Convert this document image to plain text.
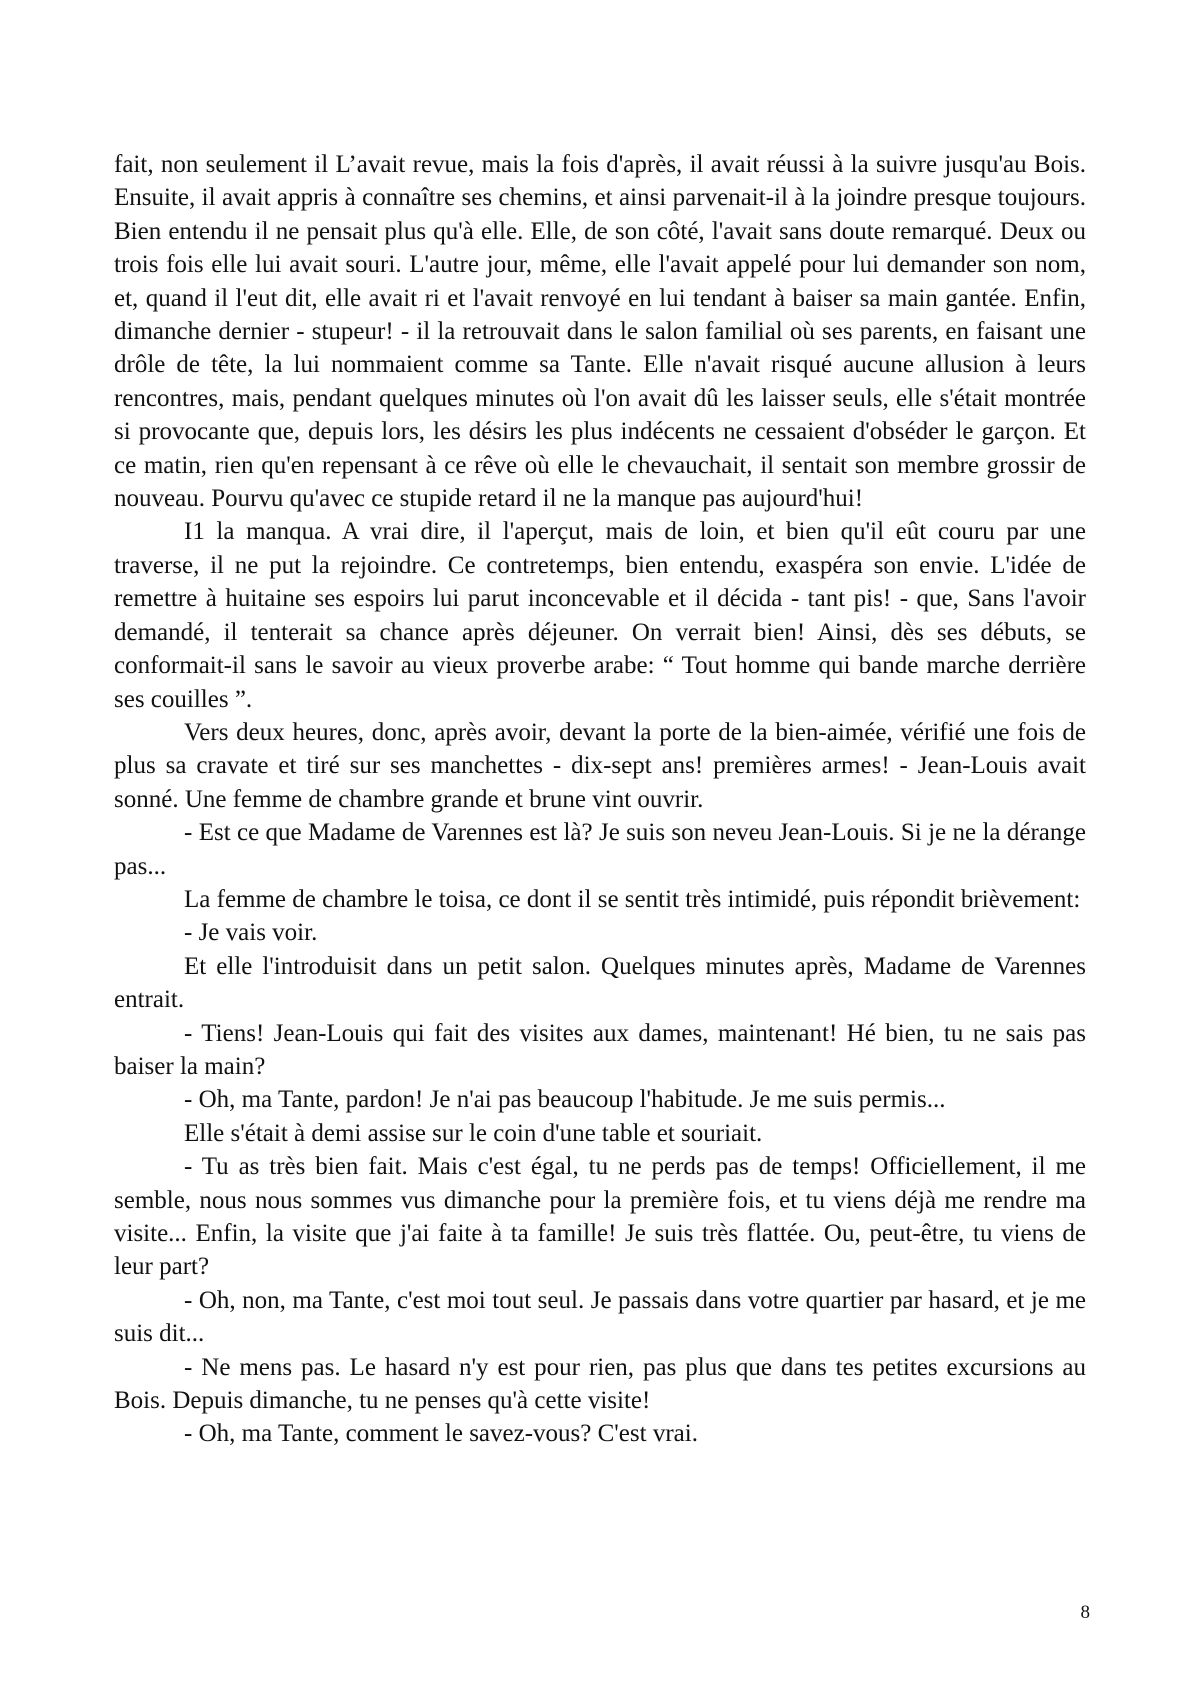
fait, non seulement il L’avait revue, mais la fois d'après, il avait réussi à la suivre jusqu'au Bois. Ensuite, il avait appris à connaître ses chemins, et ainsi parvenait-il à la joindre presque toujours. Bien entendu il ne pensait plus qu'à elle. Elle, de son côté, l'avait sans doute remarqué. Deux ou trois fois elle lui avait souri. L'autre jour, même, elle l'avait appelé pour lui demander son nom, et, quand il l'eut dit, elle avait ri et l'avait renvoyé en lui tendant à baiser sa main gantée. Enfin, dimanche dernier - stupeur! - il la retrouvait dans le salon familial où ses parents, en faisant une drôle de tête, la lui nommaient comme sa Tante. Elle n'avait risqué aucune allusion à leurs rencontres, mais, pendant quelques minutes où l'on avait dû les laisser seuls, elle s'était montrée si provocante que, depuis lors, les désirs les plus indécents ne cessaient d'obséder le garçon. Et ce matin, rien qu'en repensant à ce rêve où elle le chevauchait, il sentait son membre grossir de nouveau. Pourvu qu'avec ce stupide retard il ne la manque pas aujourd'hui!

I1 la manqua. A vrai dire, il l'aperçut, mais de loin, et bien qu'il eût couru par une traverse, il ne put la rejoindre. Ce contretemps, bien entendu, exaspéra son envie. L'idée de remettre à huitaine ses espoirs lui parut inconcevable et il décida - tant pis! - que, Sans l'avoir demandé, il tenterait sa chance après déjeuner. On verrait bien! Ainsi, dès ses débuts, se conformait-il sans le savoir au vieux proverbe arabe: “ Tout homme qui bande marche derrière ses couilles ”.

Vers deux heures, donc, après avoir, devant la porte de la bien-aimée, vérifié une fois de plus sa cravate et tiré sur ses manchettes - dix-sept ans! premières armes! - Jean-Louis avait sonné. Une femme de chambre grande et brune vint ouvrir.

- Est ce que Madame de Varennes est là? Je suis son neveu Jean-Louis. Si je ne la dérange pas...

La femme de chambre le toisa, ce dont il se sentit très intimidé, puis répondit brièvement:

- Je vais voir.

Et elle l'introduisit dans un petit salon. Quelques minutes après, Madame de Varennes entrait.

- Tiens! Jean-Louis qui fait des visites aux dames, maintenant! Hé bien, tu ne sais pas baiser la main?

- Oh, ma Tante, pardon! Je n'ai pas beaucoup l'habitude. Je me suis permis...

Elle s'était à demi assise sur le coin d'une table et souriait.

- Tu as très bien fait. Mais c'est égal, tu ne perds pas de temps! Officiellement, il me semble, nous nous sommes vus dimanche pour la première fois, et tu viens déjà me rendre ma visite... Enfin, la visite que j'ai faite à ta famille! Je suis très flattée. Ou, peut-être, tu viens de leur part?

- Oh, non, ma Tante, c'est moi tout seul. Je passais dans votre quartier par hasard, et je me suis dit...

- Ne mens pas. Le hasard n'y est pour rien, pas plus que dans tes petites excursions au Bois. Depuis dimanche, tu ne penses qu'à cette visite!

- Oh, ma Tante, comment le savez-vous? C'est vrai.

8
